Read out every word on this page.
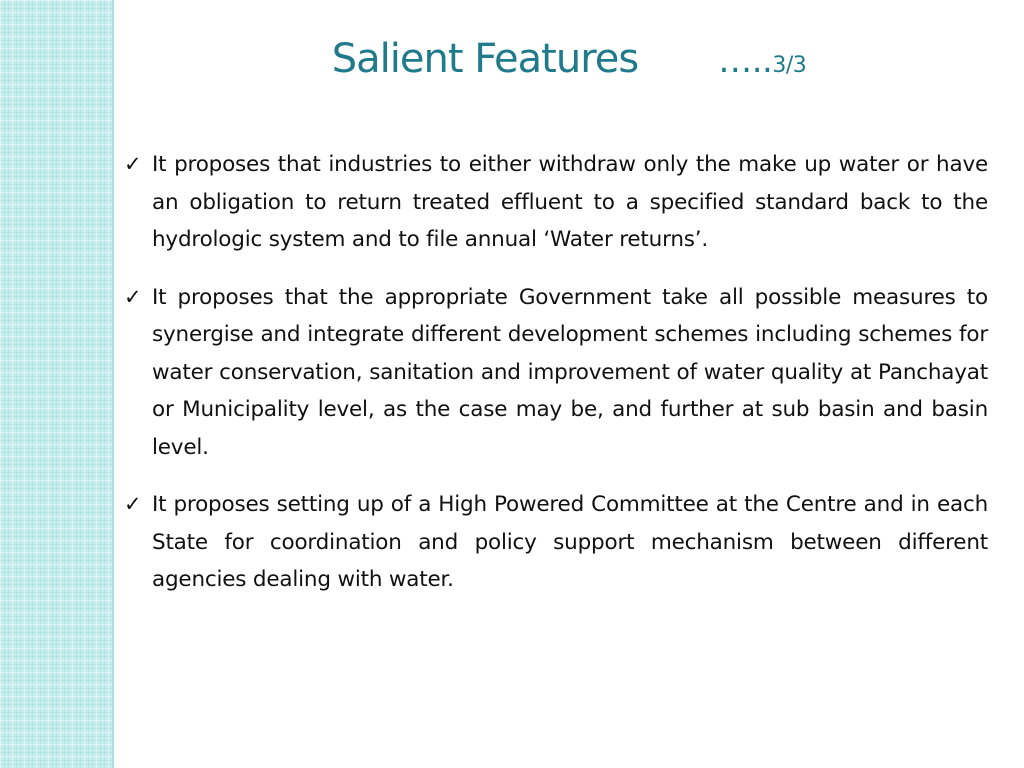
Salient Features …..3/3
✓ It proposes that industries to either withdraw only the make up water or have an obligation to return treated effluent to a specified standard back to the hydrologic system and to file annual ‘Water returns’.
✓ It proposes that the appropriate Government take all possible measures to synergise and integrate different development schemes including schemes for water conservation, sanitation and improvement of water quality at Panchayat or Municipality level, as the case may be, and further at sub basin and basin level.
✓ It proposes setting up of a High Powered Committee at the Centre and in each State for coordination and policy support mechanism between different agencies dealing with water.
